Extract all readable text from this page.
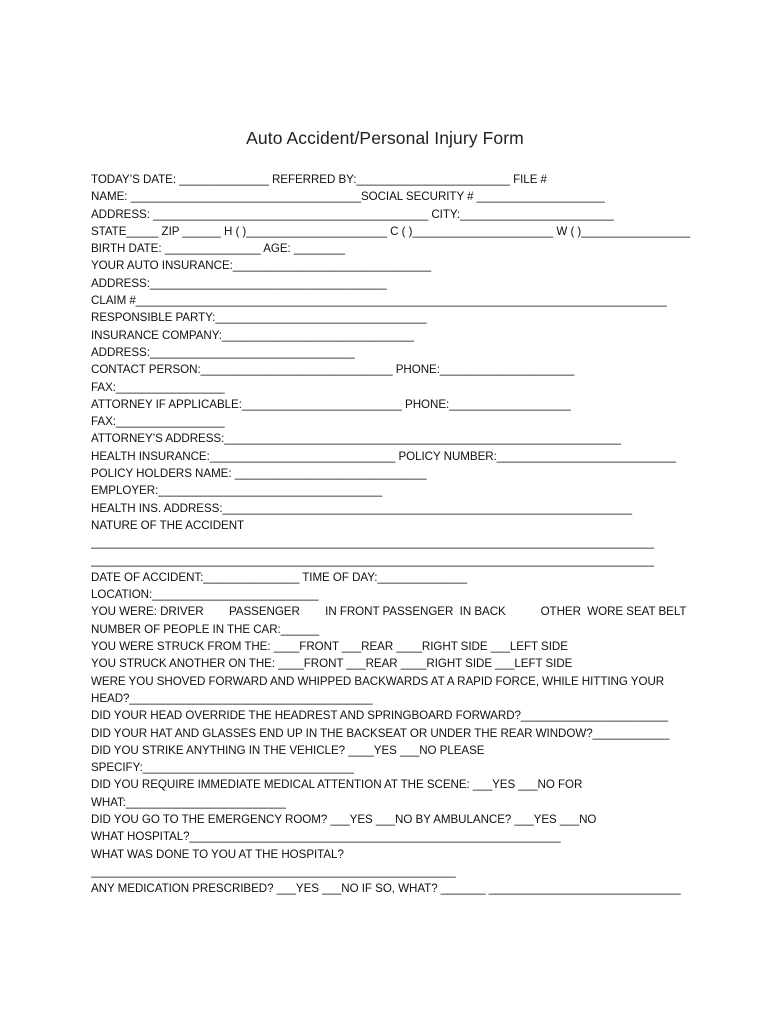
Auto Accident/Personal Injury Form
TODAY’S DATE: ______________ REFERRED BY:________________________ FILE #
NAME: ____________________________________SOCIAL SECURITY # ____________________
ADDRESS: ___________________________________________ CITY:________________________
STATE_____ ZIP ______ H ( )______________________ C ( )______________________ W ( )_________________
BIRTH DATE: _______________ AGE: ________
YOUR AUTO INSURANCE:_______________________________
ADDRESS:_____________________________________
CLAIM #___________________________________________________________________________________
RESPONSIBLE PARTY:_________________________________
INSURANCE COMPANY:______________________________
ADDRESS:________________________________
CONTACT PERSON:______________________________ PHONE:_____________________
FAX:_________________
ATTORNEY IF APPLICABLE:_________________________ PHONE:___________________
FAX:_________________
ATTORNEY’S ADDRESS:______________________________________________________________
HEALTH INSURANCE:_____________________________ POLICY NUMBER:____________________________
POLICY HOLDERS NAME: ______________________________
EMPLOYER:___________________________________
HEALTH INS. ADDRESS:________________________________________________________________
NATURE OF THE ACCIDENT
________________________________________________________________________________________
________________________________________________________________________________________
DATE OF ACCIDENT:_______________ TIME OF DAY:______________
LOCATION:__________________________
YOU WERE: DRIVER        PASSENGER        IN FRONT PASSENGER  IN BACK           OTHER  WORE SEAT BELT
NUMBER OF PEOPLE IN THE CAR:______
YOU WERE STRUCK FROM THE: ____FRONT ___REAR ____RIGHT SIDE ___LEFT SIDE
YOU STRUCK ANOTHER ON THE: ____FRONT ___REAR ____RIGHT SIDE ___LEFT SIDE
WERE YOU SHOVED FORWARD AND WHIPPED BACKWARDS AT A RAPID FORCE, WHILE HITTING YOUR
HEAD?______________________________________
DID YOUR HEAD OVERRIDE THE HEADREST AND SPRINGBOARD FORWARD?_______________________
DID YOUR HAT AND GLASSES END UP IN THE BACKSEAT OR UNDER THE REAR WINDOW?____________
DID YOU STRIKE ANYTHING IN THE VEHICLE? ____YES ___NO PLEASE
SPECIFY:_________________________________
DID YOU REQUIRE IMMEDIATE MEDICAL ATTENTION AT THE SCENE: ___YES ___NO FOR
WHAT:_________________________
DID YOU GO TO THE EMERGENCY ROOM? ___YES ___NO BY AMBULANCE? ___YES ___NO
WHAT HOSPITAL?__________________________________________________________
WHAT WAS DONE TO YOU AT THE HOSPITAL?
_________________________________________________________
ANY MEDICATION PRESCRIBED? ___YES ___NO IF SO, WHAT? _______ ______________________________
